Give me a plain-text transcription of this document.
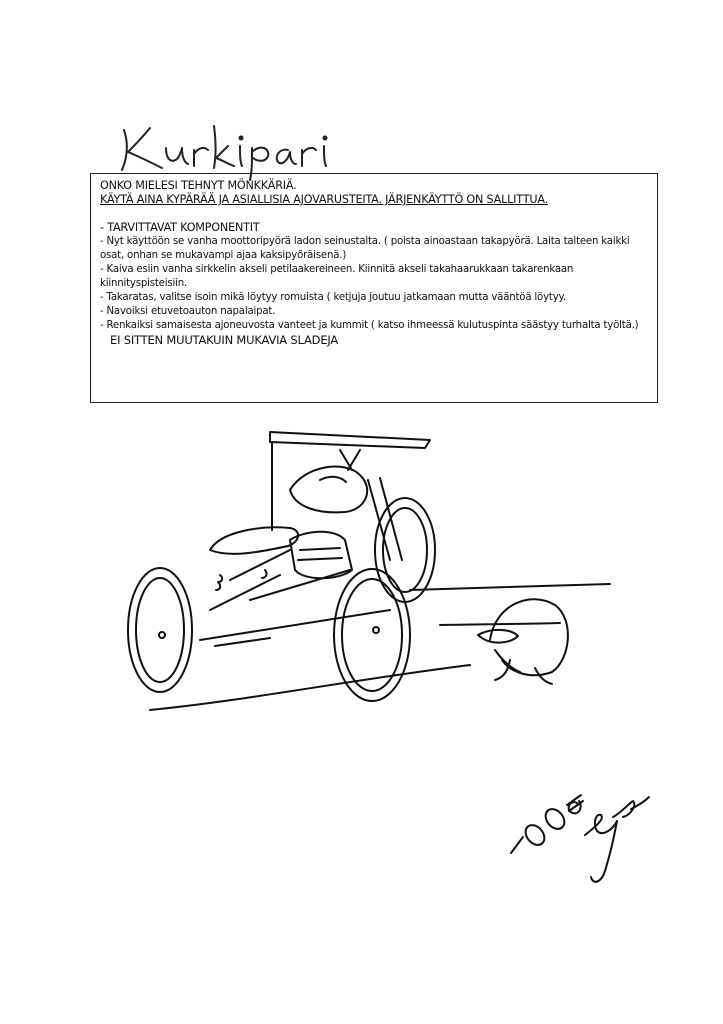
ONKO MIELESI TEHNYT MÖNKKÄRIÄ.
KÄYTÄ AINA KYPÄRÄÄ JA ASIALLISIA AJOVARUSTEITA. JÄRJENKÄYTTÖ ON SALLITTUA.
- TARVITTAVAT KOMPONENTIT
- Nyt käyttöön se vanha moottoripyörä ladon seinustalta. ( poista ainoastaan takapyörä. Laita talteen kaikki osat, onhan se mukavampi ajaa kaksipyöräisenä.)
- Kaiva esiin vanha sirkkelin akseli petilaakereineen. Kiinnitä akseli takahaarukkaan takarenkaan kiinnityspisteisiin.
- Takaratas, valitse isoin mikä löytyy romuista ( ketjuja joutuu jatkamaan mutta vääntöä löytyy.
- Navoiksi etuvetoauton napalaipat.
- Renkaiksi samaisesta ajoneuvosta vanteet ja kummit ( katso ihmeessä kulutuspinta säästyy turhalta työltä.) EI SITTEN MUUTAKUIN MUKAVIA SLADEJA
